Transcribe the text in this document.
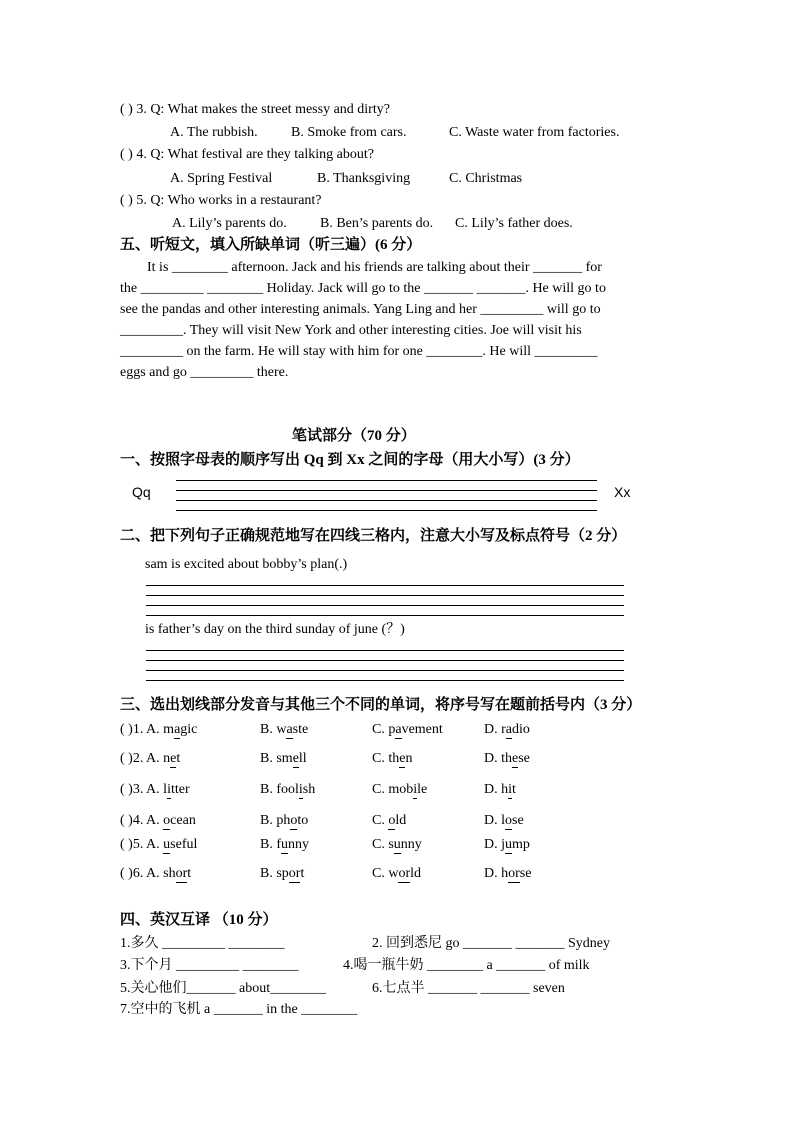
( ) 3. Q: What makes the street messy and dirty?
A. The rubbish. B. Smoke from cars.	C. Waste water from factories.
( ) 4. Q: What festival are they talking about?
A. Spring Festival	B. Thanksgiving	C. Christmas
( ) 5. Q: Who works in a restaurant?
A. Lily’s parents do. B. Ben’s parents do. C. Lily’s father does.
五、听短文，填入所缺单词（听三遍）(6 分）
It is ________ afternoon. Jack and his friends are talking about their _______ for
the _________ ________ Holiday. Jack will go to the _______ _______. He will go to
see the pandas and other interesting animals. Yang Ling and her _________ will go to
_________. They will visit New York and other interesting cities. Joe will visit his
_________ on the farm. He will stay with him for one ________. He will _________
eggs and go _________ there.
笔试部分（70 分）
一、按照字母表的顺序写出 Qq 到 Xx 之间的字母（用大小写）(3 分）
Qq	Xx
二、把下列句子正确规范地写在四线三格内，注意大小写及标点符号（2 分）
sam is excited about bobby’s plan(.)
is father’s day on the third sunday of june (？)
三、选出划线部分发音与其他三个不同的单词，将序号写在题前括号内（3 分）
( )1. A. magic	B. waste	C. pavement	D. radio
( )2. A. net	B. smell	C. then	D. these
( )3. A. litter	B. foolish	C. mobile	D. hit
( )4. A. ocean	B. photo	C. old	D. lose
( )5. A. useful	B. funny	C. sunny	D. jump
( )6. A. short	B. sport	C. world	D. horse
四、英汉互译 （10 分）
1.多久 _________ ________	2. 回到悉尼 go _______ _______ Sydney
3.下个月 _________ ________	4.喝一瓶牛奶 ________ a _______ of milk
5.关心他们_______ about________	6.七点半 _______ _______ seven
7.空中的飞机 a _______ in the ________
